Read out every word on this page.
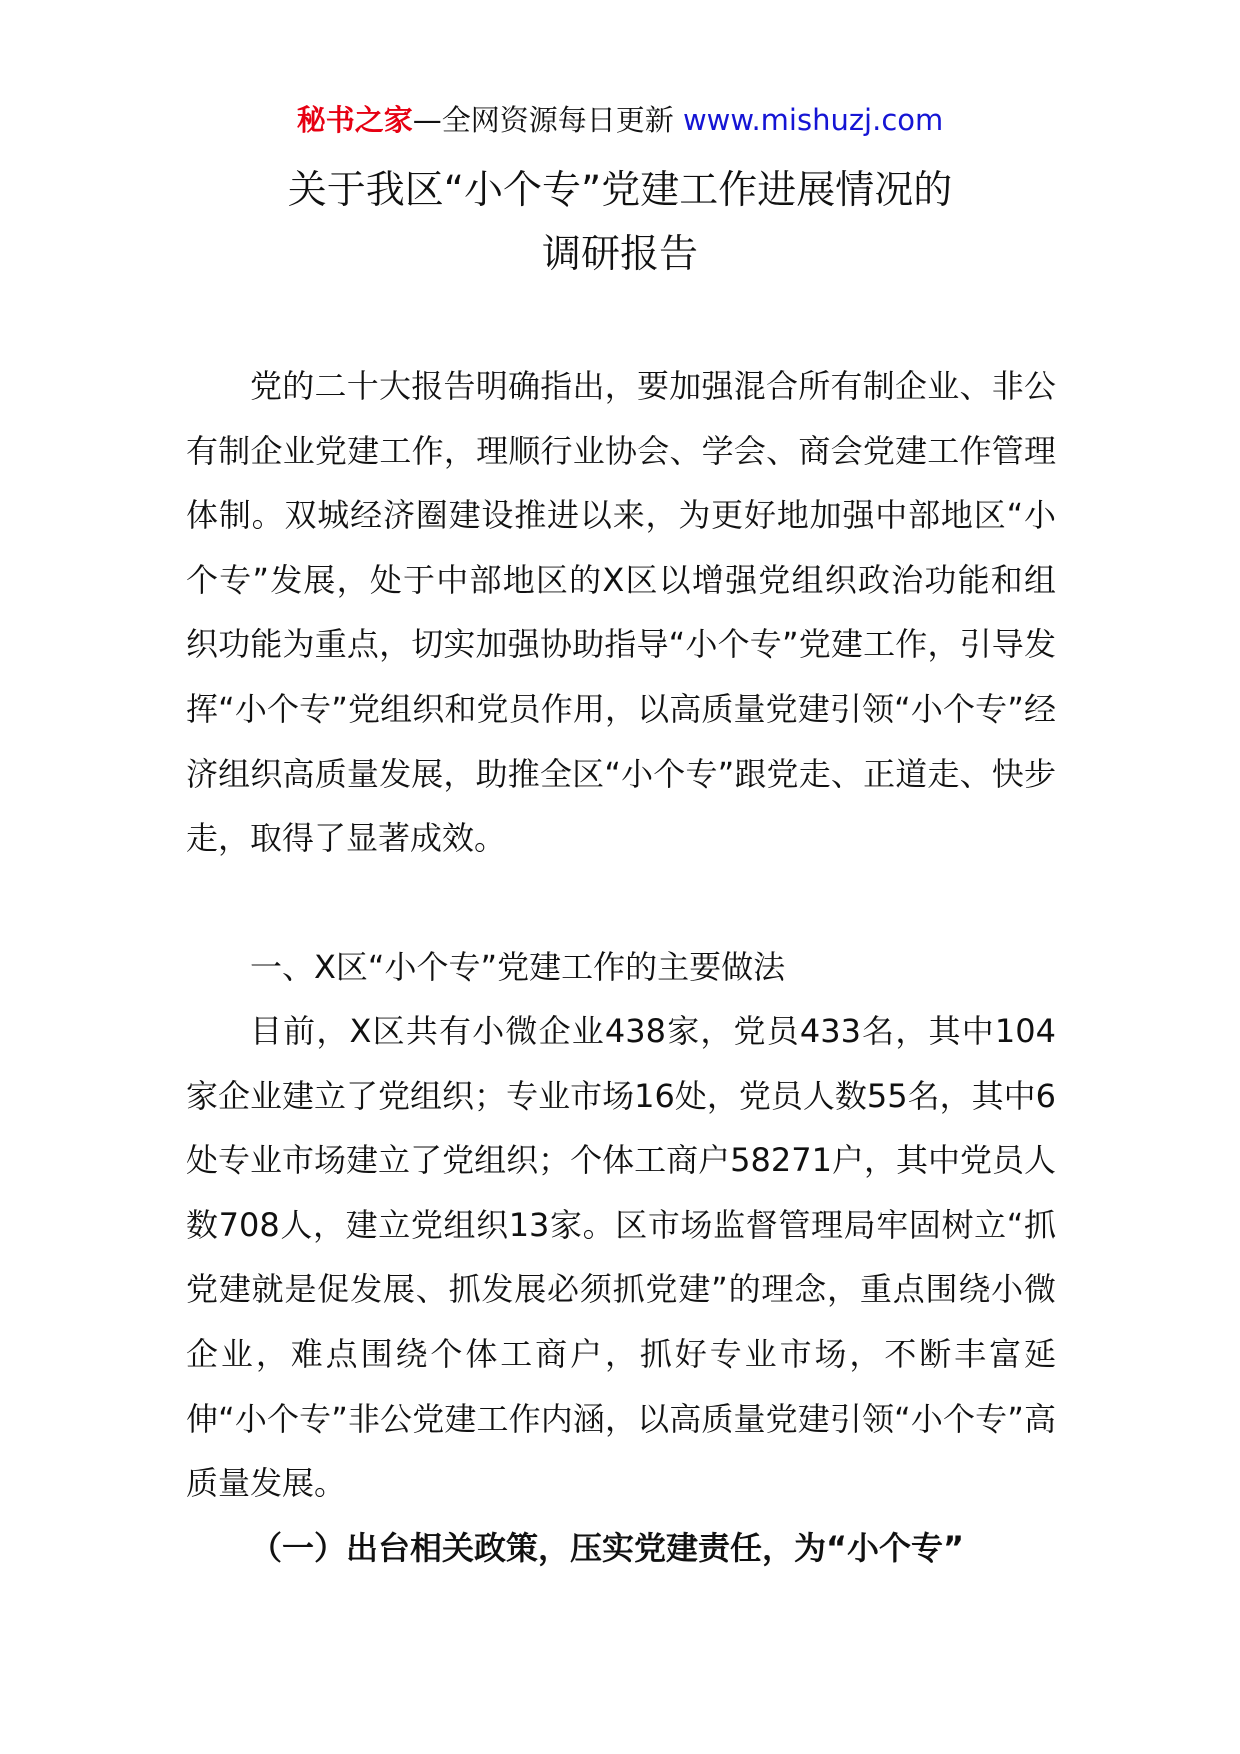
秘书之家—全网资源每日更新 www.mishuzj.com
关于我区“小个专”党建工作进展情况的
调研报告

党的二十大报告明确指出，要加强混合所有制企业、非公有制企业党建工作，理顺行业协会、学会、商会党建工作管理体制。双城经济圈建设推进以来，为更好地加强中部地区“小个专”发展，处于中部地区的X区以增强党组织政治功能和组织功能为重点，切实加强协助指导“小个专”党建工作，引导发挥“小个专”党组织和党员作用，以高质量党建引领“小个专”经济组织高质量发展，助推全区“小个专”跟党走、正道走、快步走，取得了显著成效。

一、X区“小个专”党建工作的主要做法

目前，X区共有小微企业438家，党员433名，其中104家企业建立了党组织；专业市场16处，党员人数55名，其中6处专业市场建立了党组织；个体工商户58271户，其中党员人数708人，建立党组织13家。区市场监督管理局牢固树立“抓党建就是促发展、抓发展必须抓党建”的理念，重点围绕小微企业，难点围绕个体工商户，抓好专业市场，不断丰富延伸“小个专”非公党建工作内涵，以高质量党建引领“小个专”高质量发展。

（一）出台相关政策，压实党建责任，为“小个专”
